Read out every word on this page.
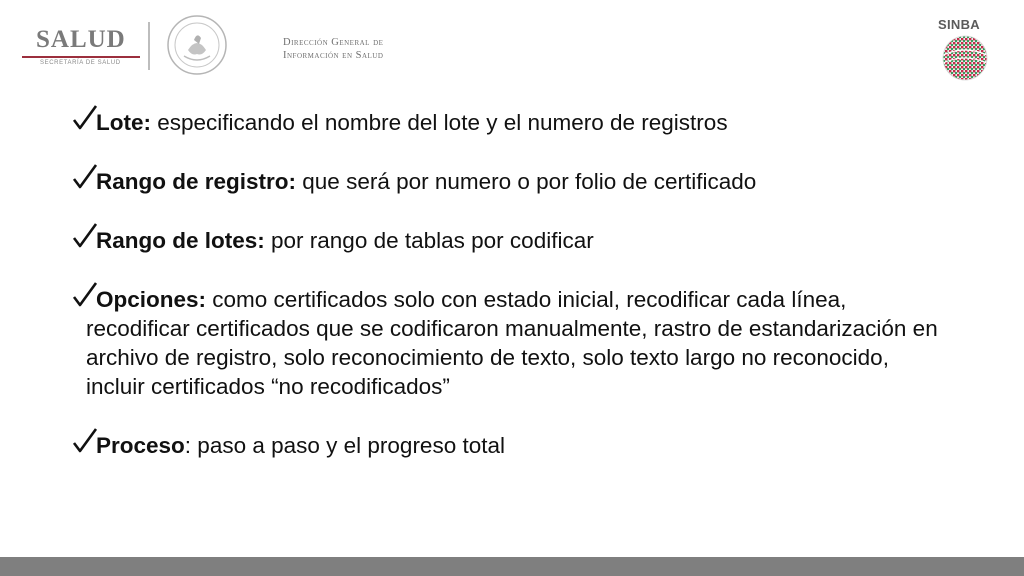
SALUD
SECRETARÍA DE SALUD
Dirección General de
Información en Salud
SINBA
Lote: especificando el nombre del lote y el numero de registros
Rango de registro: que será por numero o por folio de certificado
Rango de lotes: por rango de tablas por codificar
Opciones: como certificados solo con estado inicial, recodificar cada línea, recodificar certificados que se codificaron manualmente, rastro de estandarización en archivo de registro, solo reconocimiento de texto, solo texto largo no reconocido, incluir certificados “no recodificados”
Proceso: paso a paso y el progreso total
